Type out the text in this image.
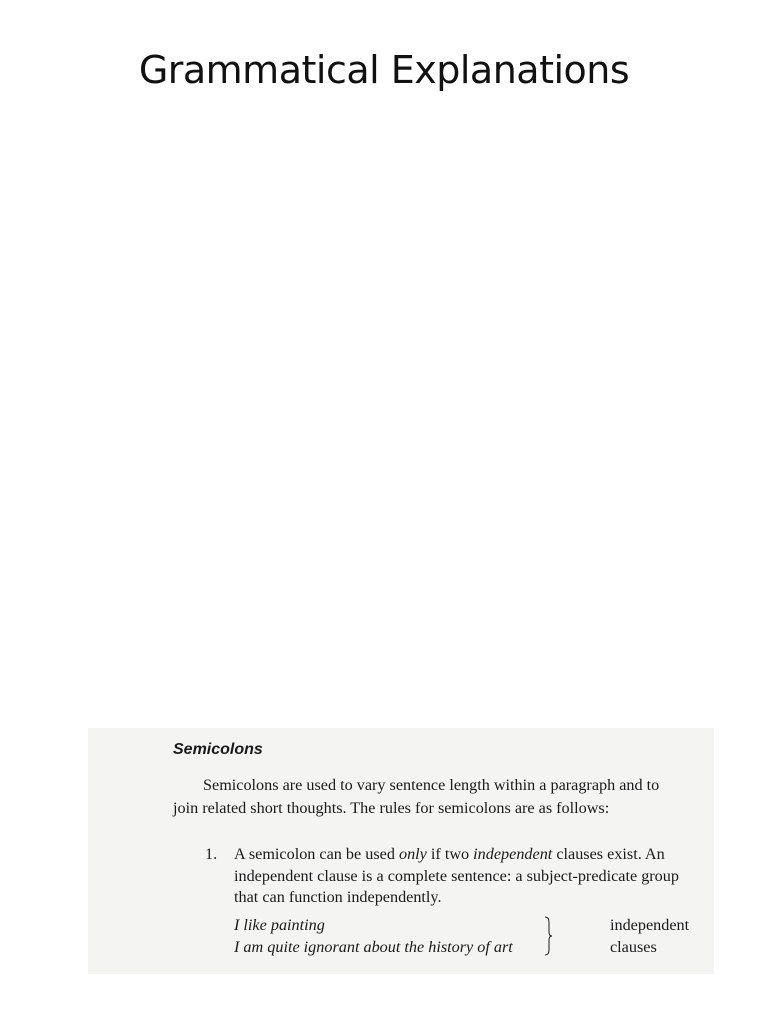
Grammatical Explanations
Semicolons

Semicolons are used to vary sentence length within a paragraph and to
join related short thoughts. The rules for semicolons are as follows:

1. A semicolon can be used only if two independent clauses exist. An
independent clause is a complete sentence: a subject-predicate group
that can function independently.
I like painting
I am quite ignorant about the history of art
independent
clauses
